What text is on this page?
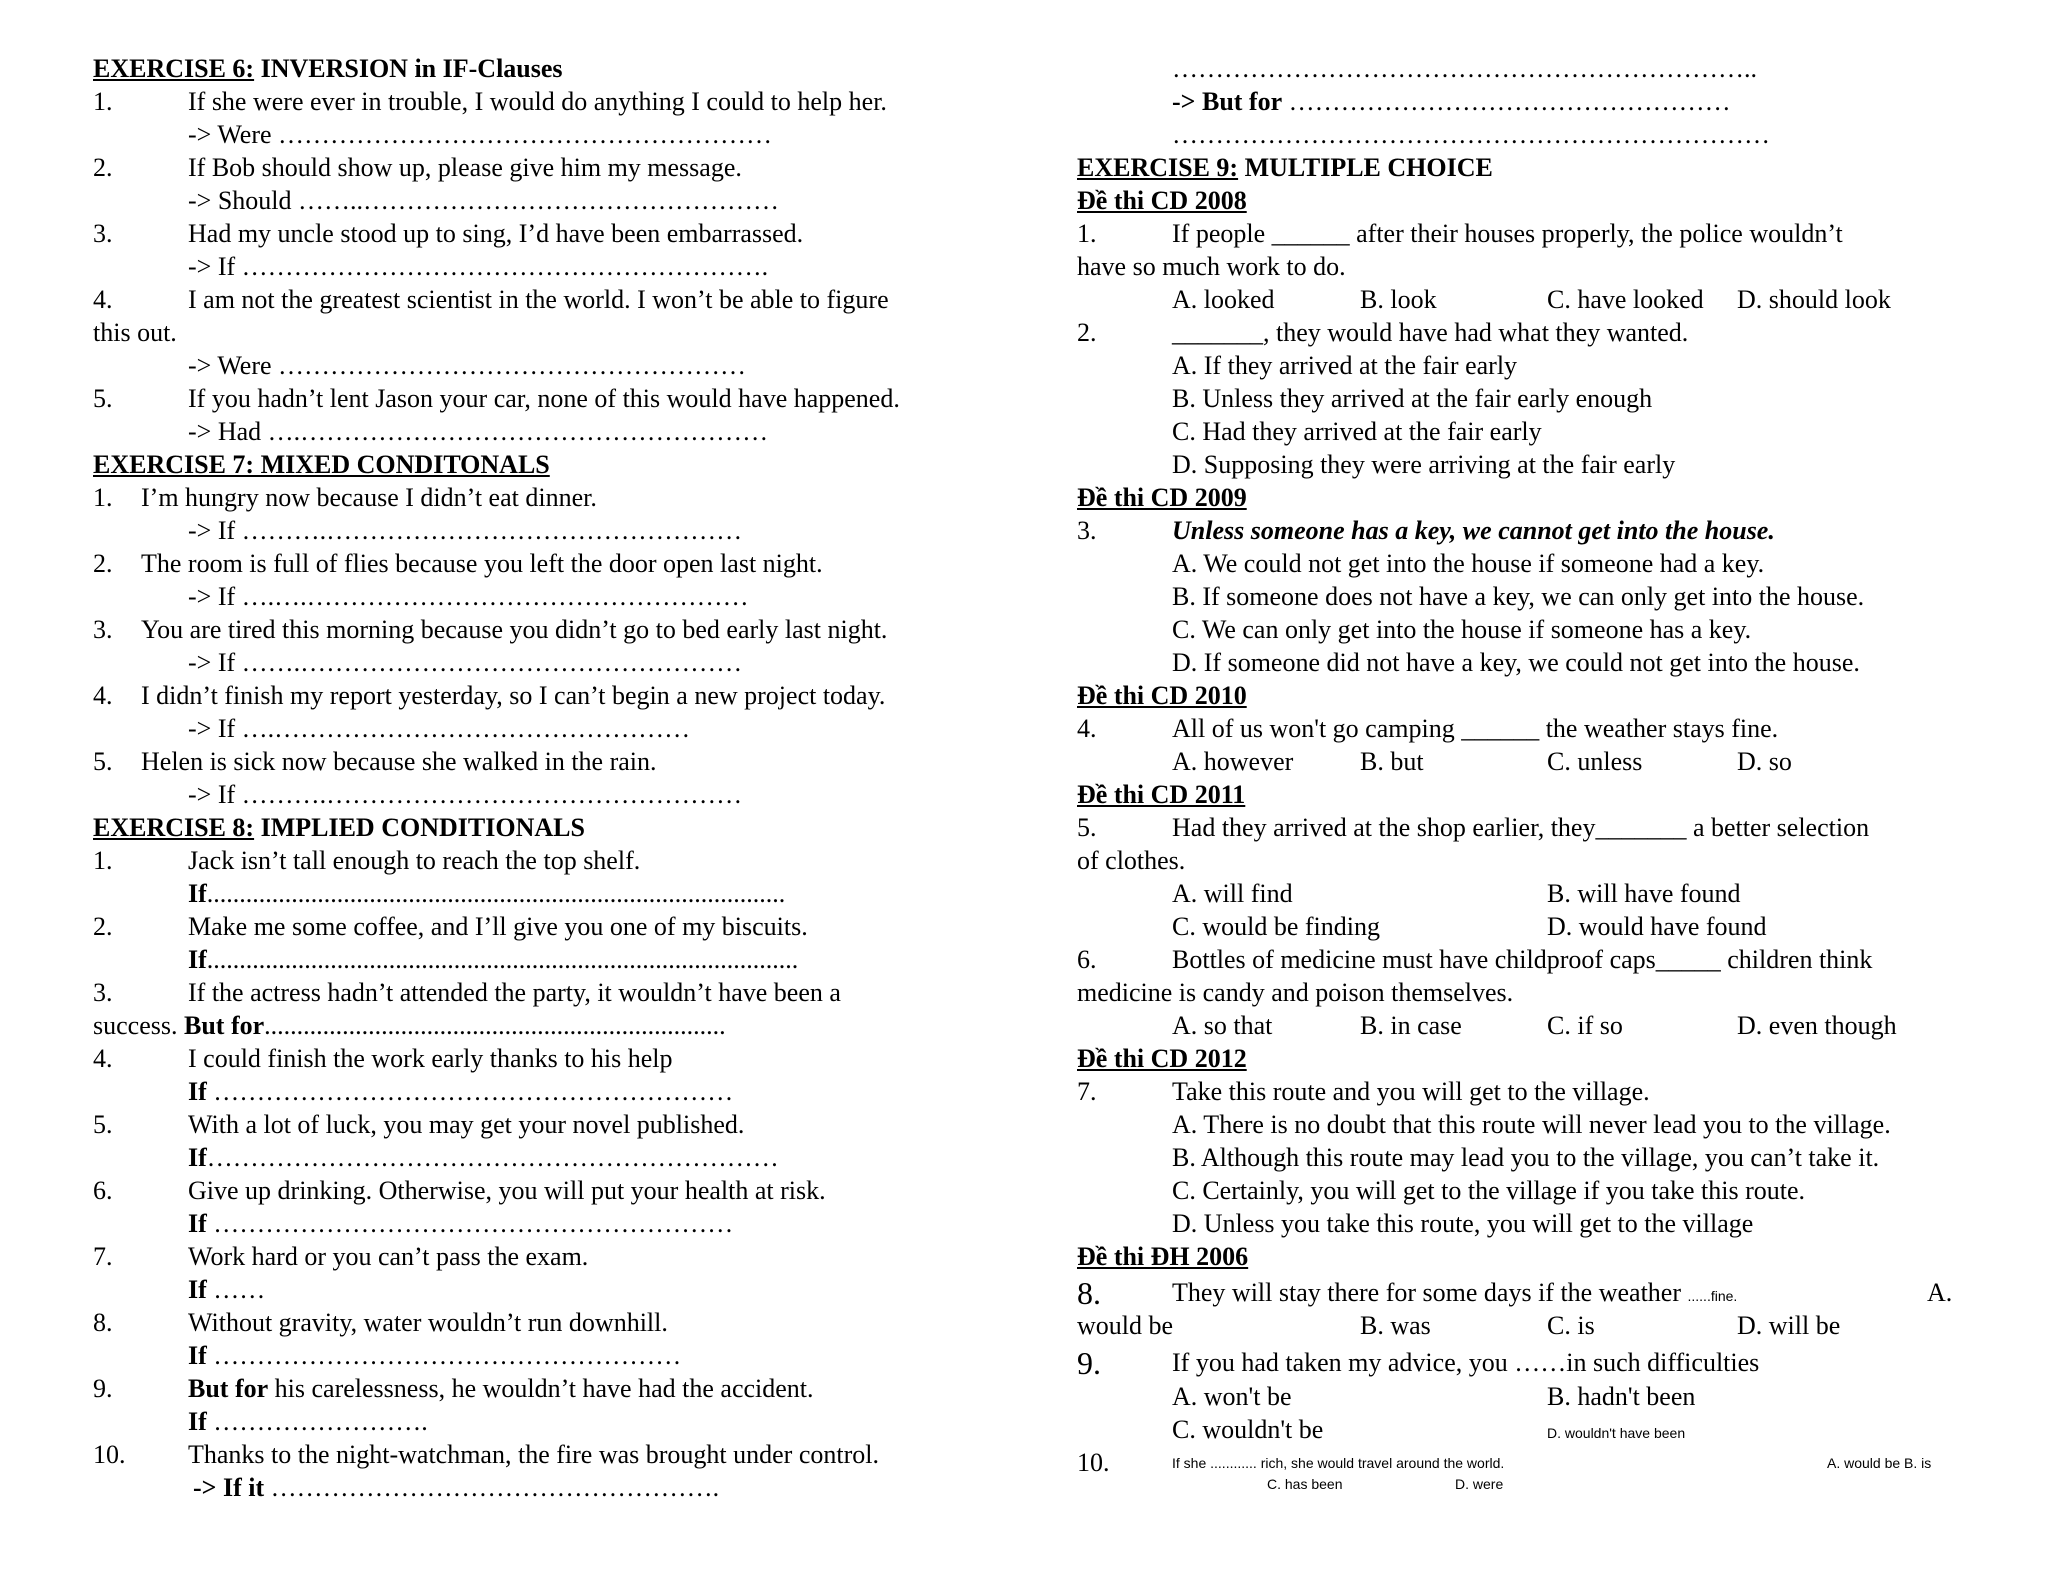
EXERCISE 6: INVERSION in IF-Clauses
1.	If she were ever in trouble, I would do anything I could to help her.
-> Were …………………………………………………
2.	If Bob should show up, please give him my message.
-> Should ……..…………………………………………
3.	Had my uncle stood up to sing, I’d have been embarrassed.
-> If …………………………………………………….
4.	I am not the greatest scientist in the world. I won’t be able to figure
this out.
-> Were ………………………………………………
5.	If you hadn’t lent Jason your car, none of this would have happened.
-> Had ….………………………………………………
EXERCISE 7: MIXED CONDITONALS
1. I’m hungry now because I didn’t eat dinner.
-> If ……….…………………………………………
2. The room is full of flies because you left the door open last night.
-> If ….….……………………………………………
3. You are tired this morning because you didn’t go to bed early last night.
-> If …….……………………………………………
4. I didn’t finish my report yesterday, so I can’t begin a new project today.
-> If ….…………………………………………
5. Helen is sick now because she walked in the rain.
-> If ……….…………………………………………
EXERCISE 8: IMPLIED CONDITIONALS
1.	Jack isn’t tall enough to reach the top shelf.
If.........................................................................................
2.	Make me some coffee, and I’ll give you one of my biscuits.
If...........................................................................................
3.	If the actress hadn’t attended the party, it wouldn’t have been a
success. But for.......................................................................
4.	I could finish the work early thanks to his help
If ……………………………………………………
5.	With a lot of luck, you may get your novel published.
If…………………………………………………………
6.	Give up drinking. Otherwise, you will put your health at risk.
If ……………………………………………………
7.	Work hard or you can’t pass the exam.
If ……
8.	Without gravity, water wouldn’t run downhill.
If ………………………………………………
9.	But for his carelessness, he wouldn’t have had the accident.
If …………………….
10. Thanks to the night-watchman, the fire was brought under control.
-> If it …………………………………………….
…………………………………………………………..
-> But for ……………………………………………
……………………………………………………………
EXERCISE 9: MULTIPLE CHOICE
Đề thi CD 2008
1.	If people ______ after their houses properly, the police wouldn’t
have so much work to do.
A. looked	B. look	C. have looked D. should look
2.	_______, they would have had what they wanted.
A. If they arrived at the fair early
B. Unless they arrived at the fair early enough
C. Had they arrived at the fair early
D. Supposing they were arriving at the fair early
Đề thi CD 2009
3.	Unless someone has a key, we cannot get into the house.
A. We could not get into the house if someone had a key.
B. If someone does not have a key, we can only get into the house.
C. We can only get into the house if someone has a key.
D. If someone did not have a key, we could not get into the house.
Đề thi CD 2010
4.	All of us won't go camping ______ the weather stays fine.
A. however	B. but	C. unless	D. so
Đề thi CD 2011
5.	Had they arrived at the shop earlier, they_______ a better selection
of clothes.
A. will find	B. will have found
C. would be finding	D. would have found
6.	Bottles of medicine must have childproof caps_____ children think
medicine is candy and poison themselves.
A. so that	B. in case	C. if so	D. even though
Đề thi CD 2012
7.	Take this route and you will get to the village.
A. There is no doubt that this route will never lead you to the village.
B. Although this route may lead you to the village, you can’t take it.
C. Certainly, you will get to the village if you take this route.
D. Unless you take this route, you will get to the village
Đề thi ĐH 2006
8.	They will stay there for some days if the weather ......fine.	A.
would be	B. was	C. is	D. will be
9.	If you had taken my advice, you ……in such difficulties
A. won't be	B. hadn't been
C. wouldn't be	D. wouldn't have been
10.	If she ............ rich, she would travel around the world.	A. would be B. is
C. has been	D. were
